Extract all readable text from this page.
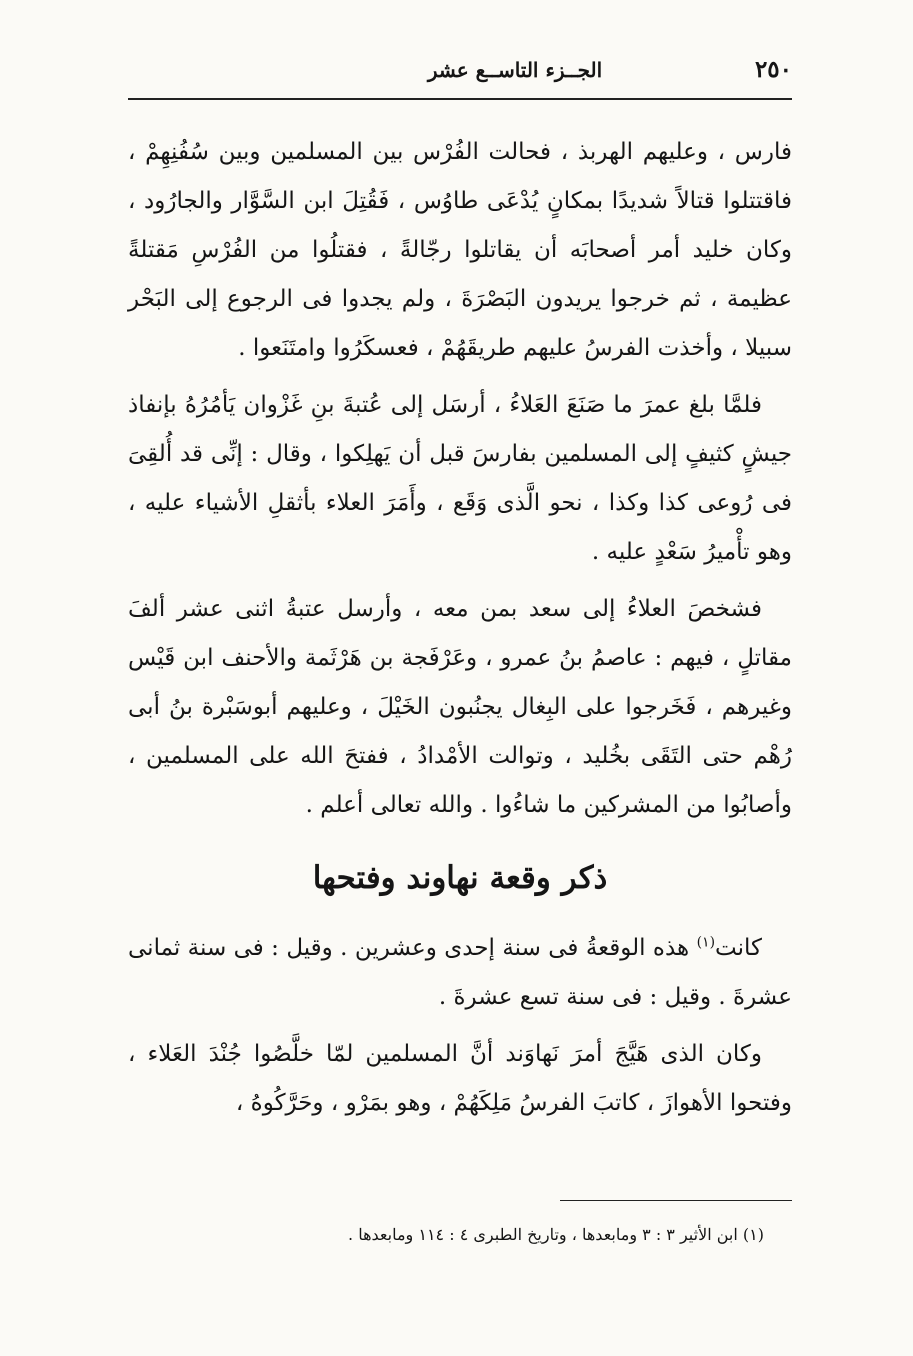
٢٥٠
الجــزء التاســع عشر

فارس ، وعليهم الهربذ ، فحالت الفُرْس بين المسلمين وبين سُفُنِهِمْ ، فاقتتلوا قتالاً شديدًا بمكانٍ يُدْعَى طاوُس ، فَقُتِلَ ابن السَّوَّار والجارُود ، وكان خليد أمر أصحابَه أن يقاتلوا رجّالةً ، فقتلُوا من الفُرْسِ مَقتلةً عظيمة ، ثم خرجوا يريدون البَصْرَةَ ، ولم يجدوا فى الرجوع إلى البَحْر سبيلا ، وأخذت الفرسُ عليهم طريقَهُمْ ، فعسكَرُوا وامتَنَعوا .

فلمَّا بلغ عمرَ ما صَنَعَ العَلاءُ ، أرسَل إلى عُتبةَ بنِ غَزْوان يَأمُرُهُ بإنفاذ جيشٍ كثيفٍ إلى المسلمين بفارسَ قبل أن يَهلِكوا ، وقال : إنِّى قد أُلقِىَ فى رُوعى كذا وكذا ، نحو الَّذى وَقَع ، وأَمَرَ العلاء بأثقلِ الأشياء عليه ، وهو تأْميرُ سَعْدٍ عليه .

فشخصَ العلاءُ إلى سعد بمن معه ، وأرسل عتبةُ اثنى عشر ألفَ مقاتلٍ ، فيهم : عاصمُ بنُ عمرو ، وعَرْفَجة بن هَرْثَمة والأحنف ابن قَيْس وغيرهم ، فَخَرجوا على البِغال يجنُبون الخَيْلَ ، وعليهم أبوسَبْرة بنُ أبى رُهْم حتى التَقَى بخُليد ، وتوالت الأمْدادُ ، ففتحَ الله على المسلمين ، وأصابُوا من المشركين ما شاءُوا . والله تعالى أعلم .

ذكر وقعة نهاوند وفتحها

كانت$^{(١)}$ هذه الوقعةُ فى سنة إحدى وعشرين . وقيل : فى سنة ثمانى عشرةَ . وقيل : فى سنة تسع عشرةَ .

وكان الذى هَيَّجَ أمرَ نَهاوَند أنَّ المسلمين لمّا خلَّصُوا جُنْدَ العَلاء ، وفتحوا الأهوازَ ، كاتبَ الفرسُ مَلِكَهُمْ ، وهو بمَرْو ، وحَرَّكُوهُ ،

(١) ابن الأثير ٣ : ٣ ومابعدها ، وتاريخ الطبرى ٤ : ١١٤ ومابعدها .
